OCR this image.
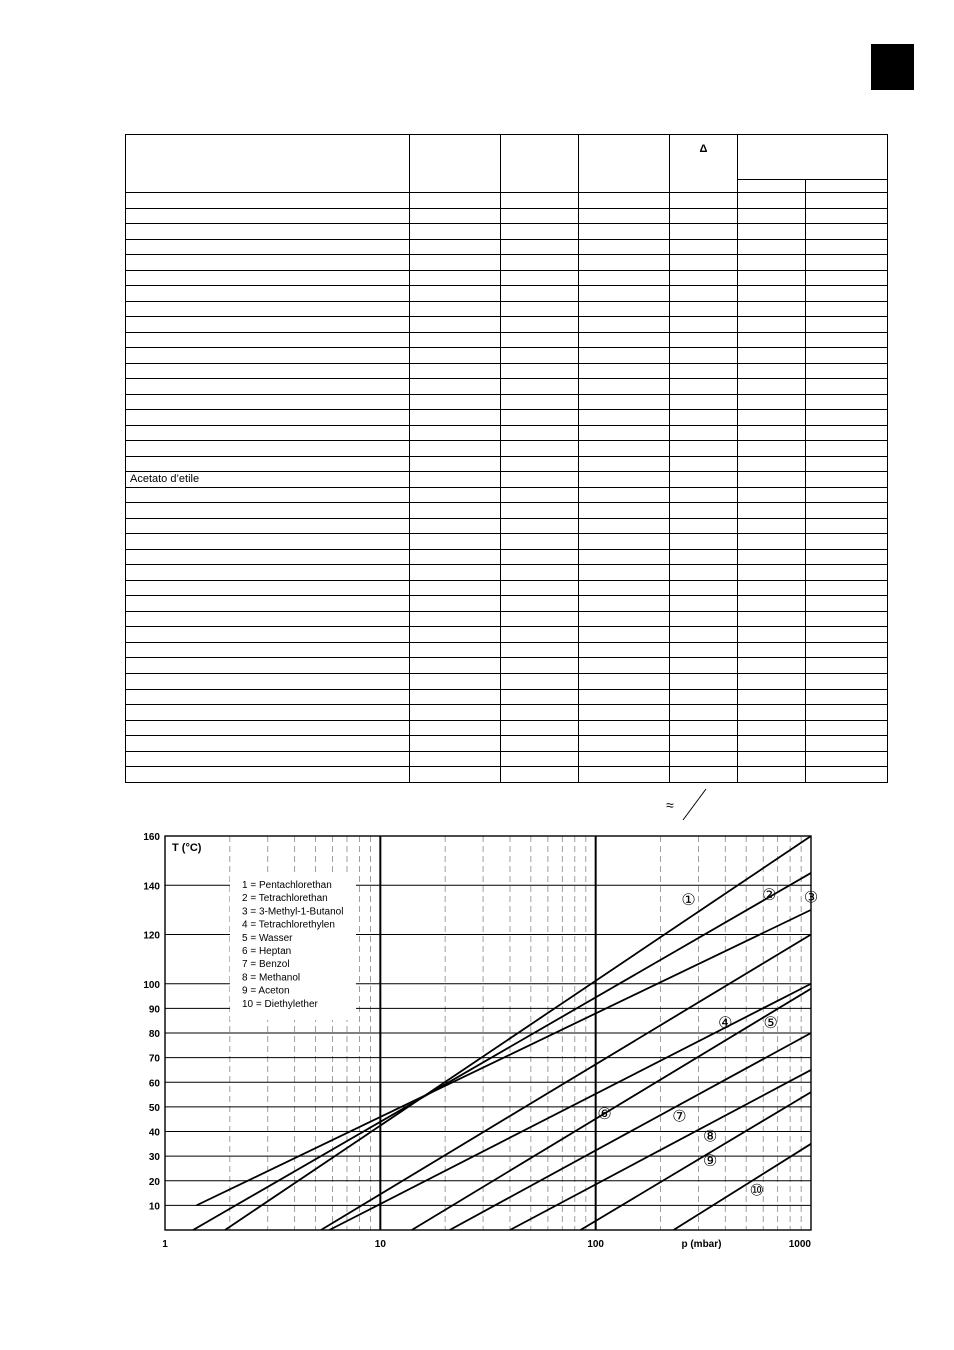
				Δ		

Acetato d’etile						

≈
10
20
30
40
50
60
70
80
90
100
120
140
160
1	10	100	1000
T (°C)
p (mbar)
1 = Pentachlorethan
2 = Tetrachlorethan
3 = 3-Methyl-1-Butanol
4 = Tetrachlorethylen
5 = Wasser
6 = Heptan
7 = Benzol
8 = Methanol
9 = Aceton
10 = Diethylether
①	② ③
④ ⑤
⑥	⑦
⑧
⑨
⑩
